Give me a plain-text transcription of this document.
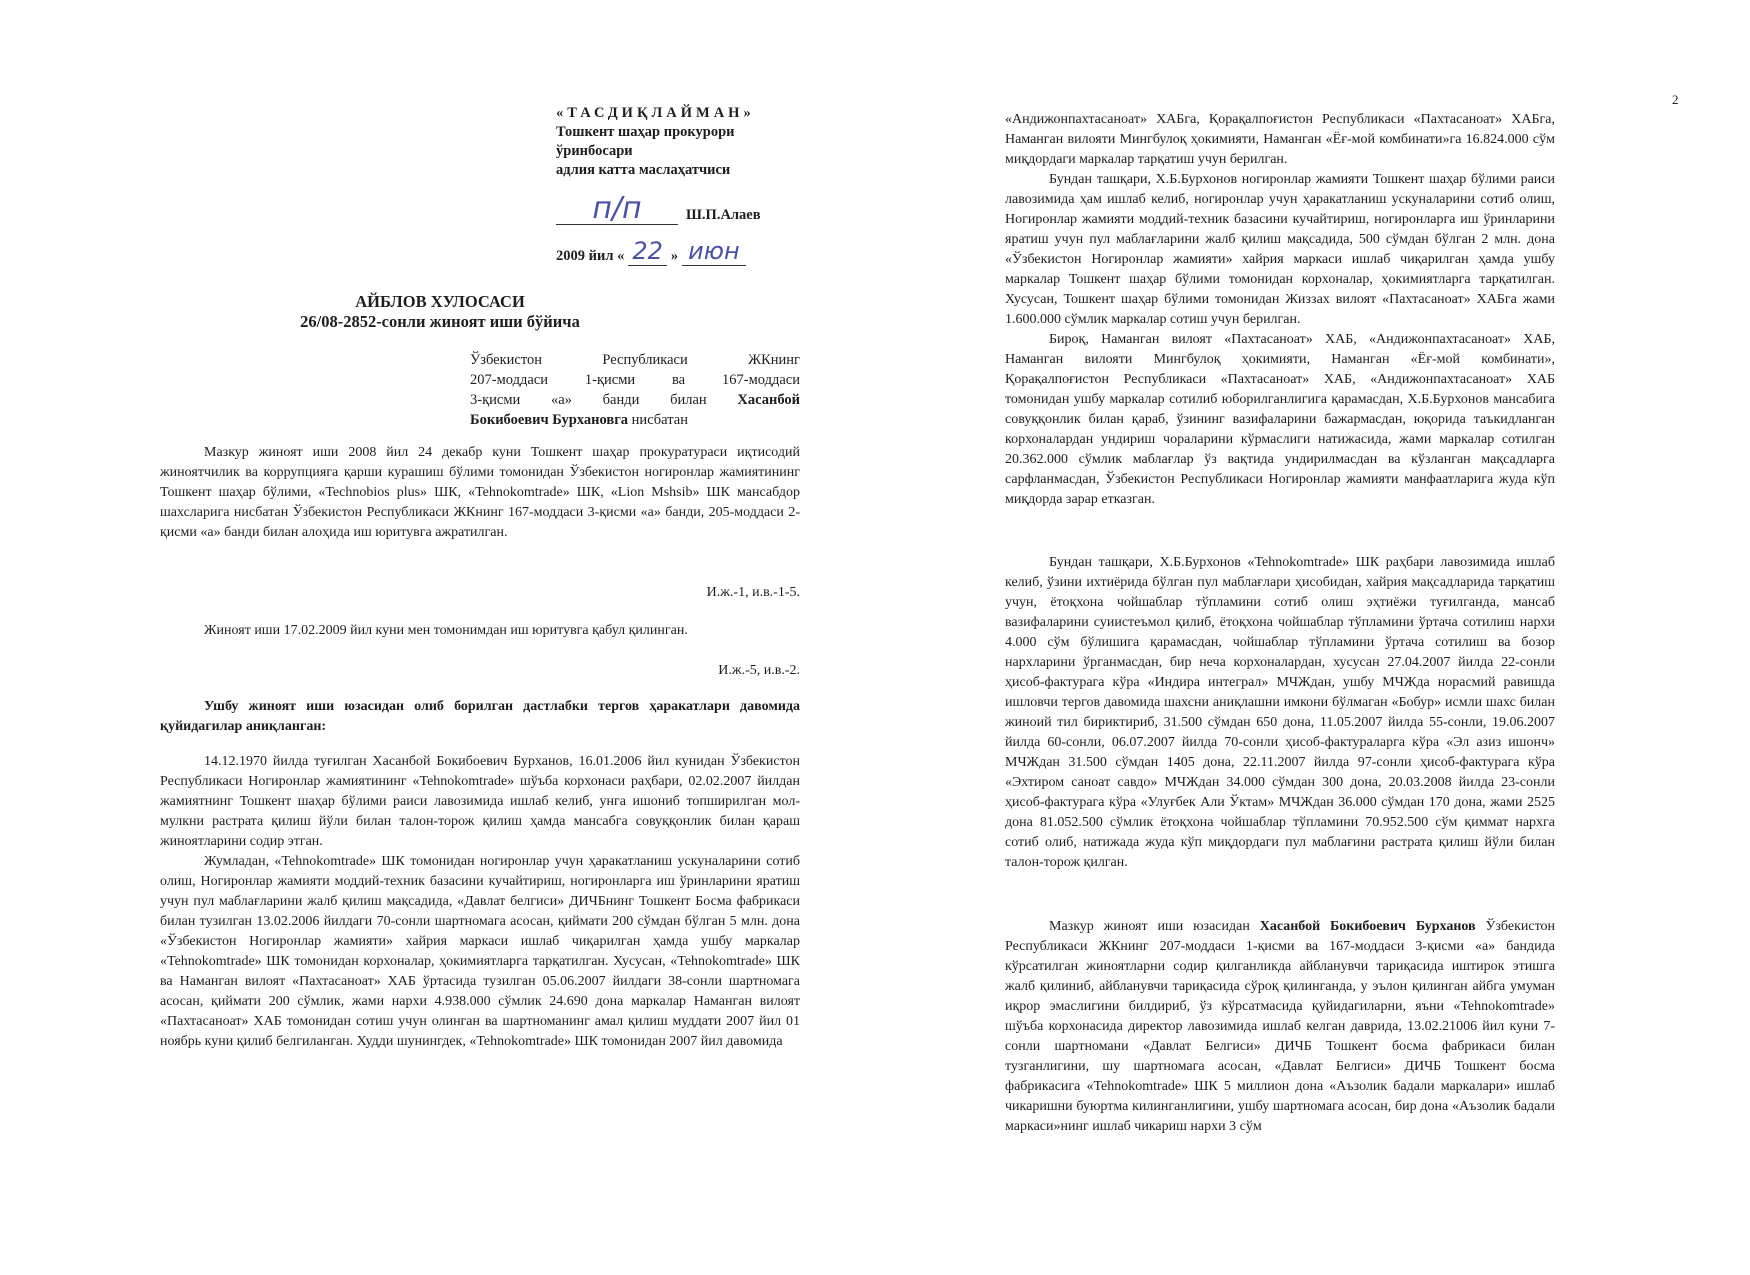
«ТАСДИҚЛАЙМАН»
Тошкент шаҳар прокурори
ўринбосари
адлия катта маслаҳатчиси
п/п	Ш.П.Алаев
2009 йил « 22 » июн
АЙБЛОВ ХУЛОСАСИ
26/08-2852-сонли жиноят иши бўйича
Ўзбекистон Республикаси ЖКнинг
207-моддаси 1-қисми ва 167-моддаси
3-қисми «а» банди билан Хасанбой
Бокибоевич Бурхановга нисбатан

Мазкур жиноят иши 2008 йил 24 декабр куни Тошкент шаҳар прокуратураси иқтисодий жиноятчилик ва коррупцияга қарши курашиш бўлими томонидан Ўзбекистон ногиронлар жамиятининг Тошкент шаҳар бўлими, «Technobios plus» ШК, «Tehnokomtrade» ШК, «Lion Mshsib» ШК мансабдор шахсларига нисбатан Ўзбекистон Республикаси ЖКнинг 167-моддаси 3-қисми «а» банди, 205-моддаси 2-қисми «а» банди билан алоҳида иш юритувга ажратилган.

И.ж.-1, и.в.-1-5.

Жиноят иши 17.02.2009 йил куни мен томонимдан иш юритувга қабул қилинган.

И.ж.-5, и.в.-2.

Ушбу жиноят иши юзасидан олиб борилган дастлабки тергов ҳаракатлари давомида қуйидагилар аниқланган:

14.12.1970 йилда туғилган Хасанбой Бокибоевич Бурханов, 16.01.2006 йил кунидан Ўзбекистон Республикаси Ногиронлар жамиятининг «Tehnokomtrade» шўъба корхонаси раҳбари, 02.02.2007 йилдан жамиятнинг Тошкент шаҳар бўлими раиси лавозимида ишлаб келиб, унга ишониб топширилган мол-мулкни растрата қилиш йўли билан талон-торож қилиш ҳамда мансабга совуққонлик билан қараш жиноятларини содир этган.

Жумладан, «Tehnokomtrade» ШК томонидан ногиронлар учун ҳаракатланиш ускуналарини сотиб олиш, Ногиронлар жамияти моддий-техник базасини кучайтириш, ногиронларга иш ўринларини яратиш учун пул маблағларини жалб қилиш мақсадида, «Давлат белгиси» ДИЧБнинг Тошкент Босма фабрикаси билан тузилган 13.02.2006 йилдаги 70-сонли шартномага асосан, қиймати 200 сўмдан бўлган 5 млн. дона «Ўзбекистон Ногиронлар жамияти» хайрия маркаси ишлаб чиқарилган ҳамда ушбу маркалар «Tehnokomtrade» ШК томонидан корхоналар, ҳокимиятларга тарқатилган. Хусусан, «Tehnokomtrade» ШК ва Наманган вилоят «Пахтасаноат» ХАБ ўртасида тузилган 05.06.2007 йилдаги 38-сонли шартномага асосан, қиймати 200 сўмлик, жами нархи 4.938.000 сўмлик 24.690 дона маркалар Наманган вилоят «Пахтасаноат» ХАБ томонидан сотиш учун олинган ва шартноманинг амал қилиш муддати 2007 йил 01 ноябрь куни қилиб белгиланган. Худди шунингдек, «Tehnokomtrade» ШК томонидан 2007 йил давомида

2

«Андижонпахтасаноат» ХАБга, Қорақалпоғистон Республикаси «Пахтасаноат» ХАБга, Наманган вилояти Мингбулоқ ҳокимияти, Наманган «Ёғ-мой комбинати»га 16.824.000 сўм миқдордаги маркалар тарқатиш учун берилган.

Бундан ташқари, Х.Б.Бурхонов ногиронлар жамияти Тошкент шаҳар бўлими раиси лавозимида ҳам ишлаб келиб, ногиронлар учун ҳаракатланиш ускуналарини сотиб олиш, Ногиронлар жамияти моддий-техник базасини кучайтириш, ногиронларга иш ўринларини яратиш учун пул маблағларини жалб қилиш мақсадида, 500 сўмдан бўлган 2 млн. дона «Ўзбекистон Ногиронлар жамияти» хайрия маркаси ишлаб чиқарилган ҳамда ушбу маркалар Тошкент шаҳар бўлими томонидан корхоналар, ҳокимиятларга тарқатилган. Хусусан, Тошкент шаҳар бўлими томонидан Жиззах вилоят «Пахтасаноат» ХАБга жами 1.600.000 сўмлик маркалар сотиш учун берилган.

Бироқ, Наманган вилоят «Пахтасаноат» ХАБ, «Андижонпахтасаноат» ХАБ, Наманган вилояти Мингбулоқ ҳокимияти, Наманган «Ёғ-мой комбинати», Қорақалпоғистон Республикаси «Пахтасаноат» ХАБ, «Андижонпахтасаноат» ХАБ томонидан ушбу маркалар сотилиб юборилганлигига қарамасдан, Х.Б.Бурхонов мансабига совуққонлик билан қараб, ўзининг вазифаларини бажармасдан, юқорида таъкидланган корхоналардан ундириш чораларини кўрмаслиги натижасида, жами маркалар сотилган 20.362.000 сўмлик маблағлар ўз вақтида ундирилмасдан ва кўзланган мақсадларга сарфланмасдан, Ўзбекистон Республикаси Ногиронлар жамияти манфаатларига жуда кўп миқдорда зарар етказган.

Бундан ташқари, Х.Б.Бурхонов «Tehnokomtrade» ШК раҳбари лавозимида ишлаб келиб, ўзини ихтиёрида бўлган пул маблағлари ҳисобидан, хайрия мақсадларида тарқатиш учун, ётоқхона чойшаблар тўпламини сотиб олиш эҳтиёжи туғилганда, мансаб вазифаларини суиистеъмол қилиб, ётоқхона чойшаблар тўпламини ўртача сотилиш нархи 4.000 сўм бўлишига қарамасдан, чойшаблар тўпламини ўртача сотилиш ва бозор нархларини ўрганмасдан, бир неча корхоналардан, хусусан 27.04.2007 йилда 22-сонли ҳисоб-фактурага кўра «Индира интеграл» МЧЖдан, ушбу МЧЖда норасмий равишда ишловчи тергов давомида шахсни аниқлашни имкони бўлмаган «Бобур» исмли шахс билан жиноий тил бириктириб, 31.500 сўмдан 650 дона, 11.05.2007 йилда 55-сонли, 19.06.2007 йилда 60-сонли, 06.07.2007 йилда 70-сонли ҳисоб-фактураларга кўра «Эл азиз ишонч» МЧЖдан 31.500 сўмдан 1405 дона, 22.11.2007 йилда 97-сонли ҳисоб-фактурага кўра «Эхтиром саноат савдо» МЧЖдан 34.000 сўмдан 300 дона, 20.03.2008 йилда 23-сонли ҳисоб-фактурага кўра «Улуғбек Али Ўктам» МЧЖдан 36.000 сўмдан 170 дона, жами 2525 дона 81.052.500 сўмлик ётоқхона чойшаблар тўпламини 70.952.500 сўм қиммат нархга сотиб олиб, натижада жуда кўп миқдордаги пул маблағини растрата қилиш йўли билан талон-торож қилган.

Мазкур жиноят иши юзасидан Хасанбой Бокибоевич Бурханов Ўзбекистон Республикаси ЖКнинг 207-моддаси 1-қисми ва 167-моддаси 3-қисми «а» бандида кўрсатилган жиноятларни содир қилганликда айбланувчи тариқасида иштирок этишга жалб қилиниб, айбланувчи тариқасида сўроқ қилинганда, у эълон қилинган айбга умуман иқрор эмаслигини билдириб, ўз кўрсатмасида қуйидагиларни, яъни «Tehnokomtrade» шўъба корхонасида директор лавозимида ишлаб келган даврида, 13.02.21006 йил куни 7-сонли шартномани «Давлат Белгиси» ДИЧБ Тошкент босма фабрикаси билан тузганлигини, шу шартномага асосан, «Давлат Белгиси» ДИЧБ Тошкент босма фабрикасига «Tehnokomtrade» ШК 5 миллион дона «Аъзолик бадали маркалари» ишлаб чикаришни буюртма килинганлигини, ушбу шартномага асосан, бир дона «Аъзолик бадали маркаси»нинг ишлаб чикариш нархи 3 сўм
